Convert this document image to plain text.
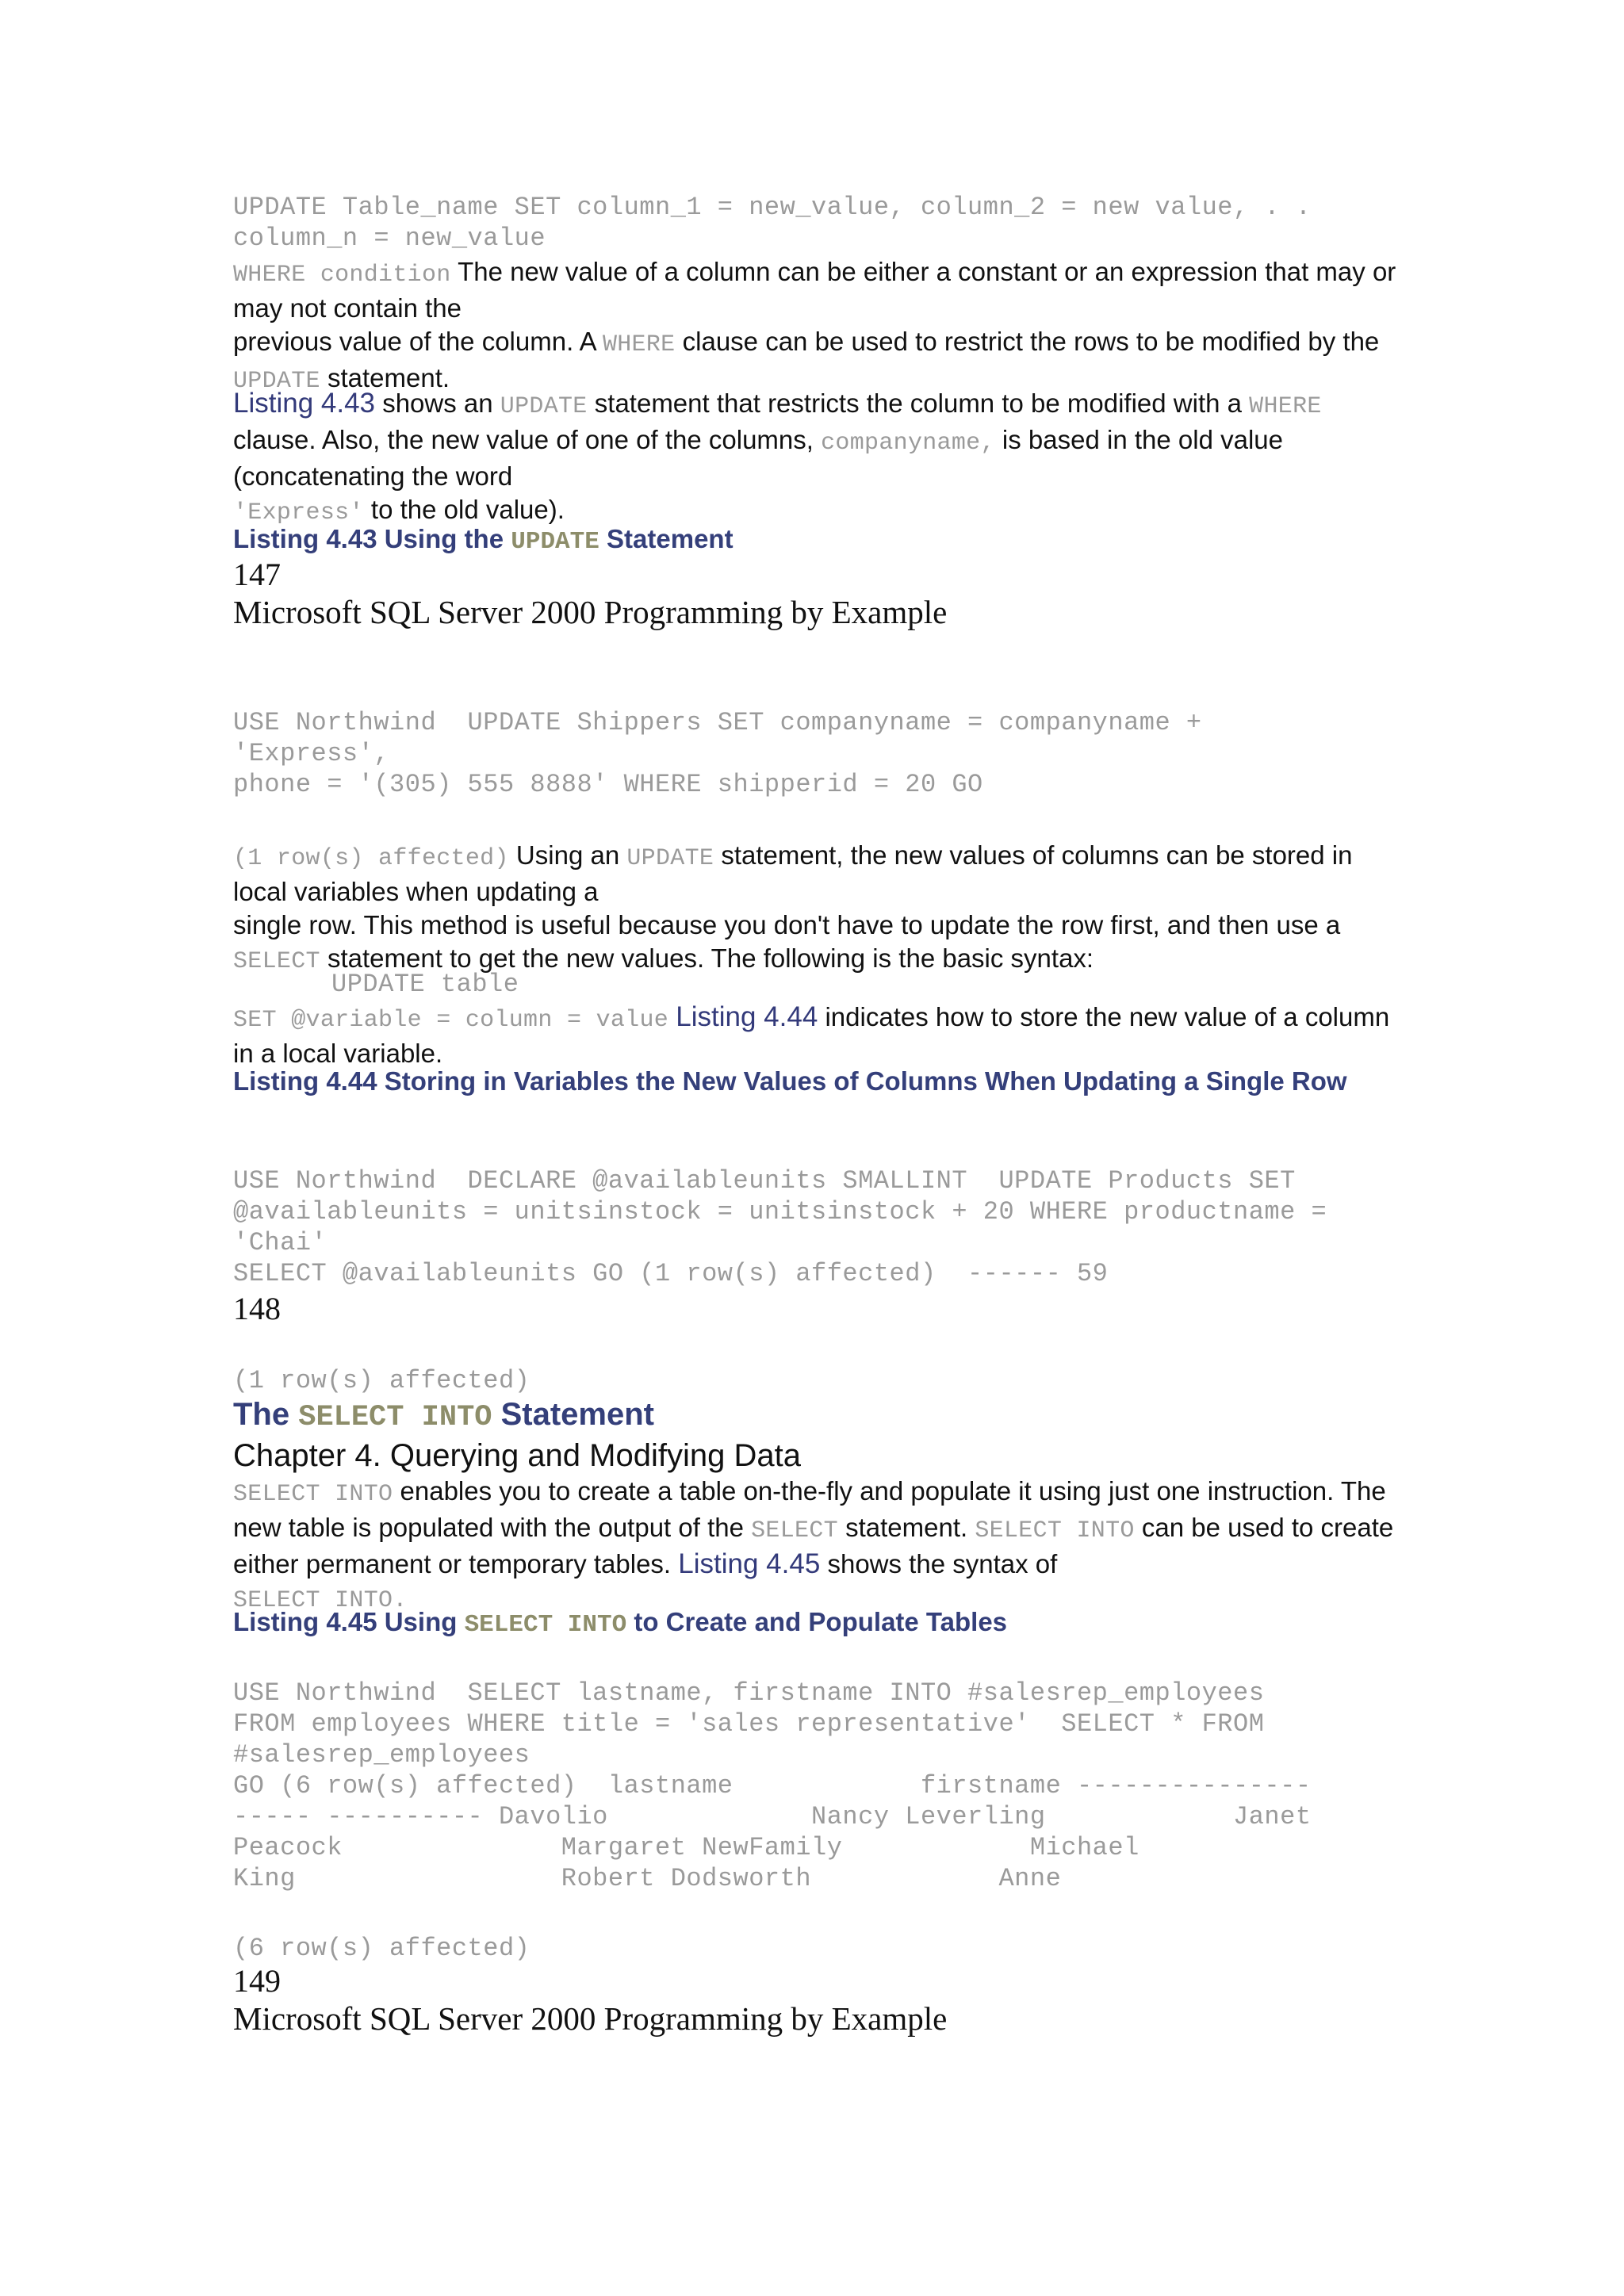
UPDATE Table_name SET column_1 = new_value, column_2 = new value, . .
column_n = new_value
WHERE condition The new value of a column can be either a constant or an expression that may or may not contain the
previous value of the column. A WHERE clause can be used to restrict the rows to be modified by the UPDATE statement.
Listing 4.43 shows an UPDATE statement that restricts the column to be modified with a WHERE clause. Also, the new value of one of the columns, companyname, is based in the old value (concatenating the word
'Express' to the old value).
Listing 4.43 Using the UPDATE Statement
147
Microsoft SQL Server 2000 Programming by Example
USE Northwind  UPDATE Shippers SET companyname = companyname +
'Express',
phone = '(305) 555 8888' WHERE shipperid = 20 GO
(1 row(s) affected) Using an UPDATE statement, the new values of columns can be stored in local variables when updating a
single row. This method is useful because you don't have to update the row first, and then use a
SELECT statement to get the new values. The following is the basic syntax:
UPDATE table
SET @variable = column = value Listing 4.44 indicates how to store the new value of a column in a local variable.
Listing 4.44 Storing in Variables the New Values of Columns When Updating a Single Row
USE Northwind  DECLARE @availableunits SMALLINT  UPDATE Products SET
@availableunits = unitsinstock = unitsinstock + 20 WHERE productname =
'Chai'
SELECT @availableunits GO (1 row(s) affected)  ------ 59
148
(1 row(s) affected)
The SELECT INTO Statement
Chapter 4. Querying and Modifying Data
SELECT INTO enables you to create a table on-the-fly and populate it using just one instruction. The new table is populated with the output of the SELECT statement. SELECT INTO can be used to create either permanent or temporary tables. Listing 4.45 shows the syntax of
SELECT INTO.
Listing 4.45 Using SELECT INTO to Create and Populate Tables
USE Northwind  SELECT lastname, firstname INTO #salesrep_employees
FROM employees WHERE title = 'sales representative'  SELECT * FROM
#salesrep_employees
GO (6 row(s) affected)  lastname            firstname ---------------
----- ---------- Davolio             Nancy Leverling            Janet
Peacock              Margaret NewFamily            Michael
King                 Robert Dodsworth            Anne
(6 row(s) affected)
149
Microsoft SQL Server 2000 Programming by Example
